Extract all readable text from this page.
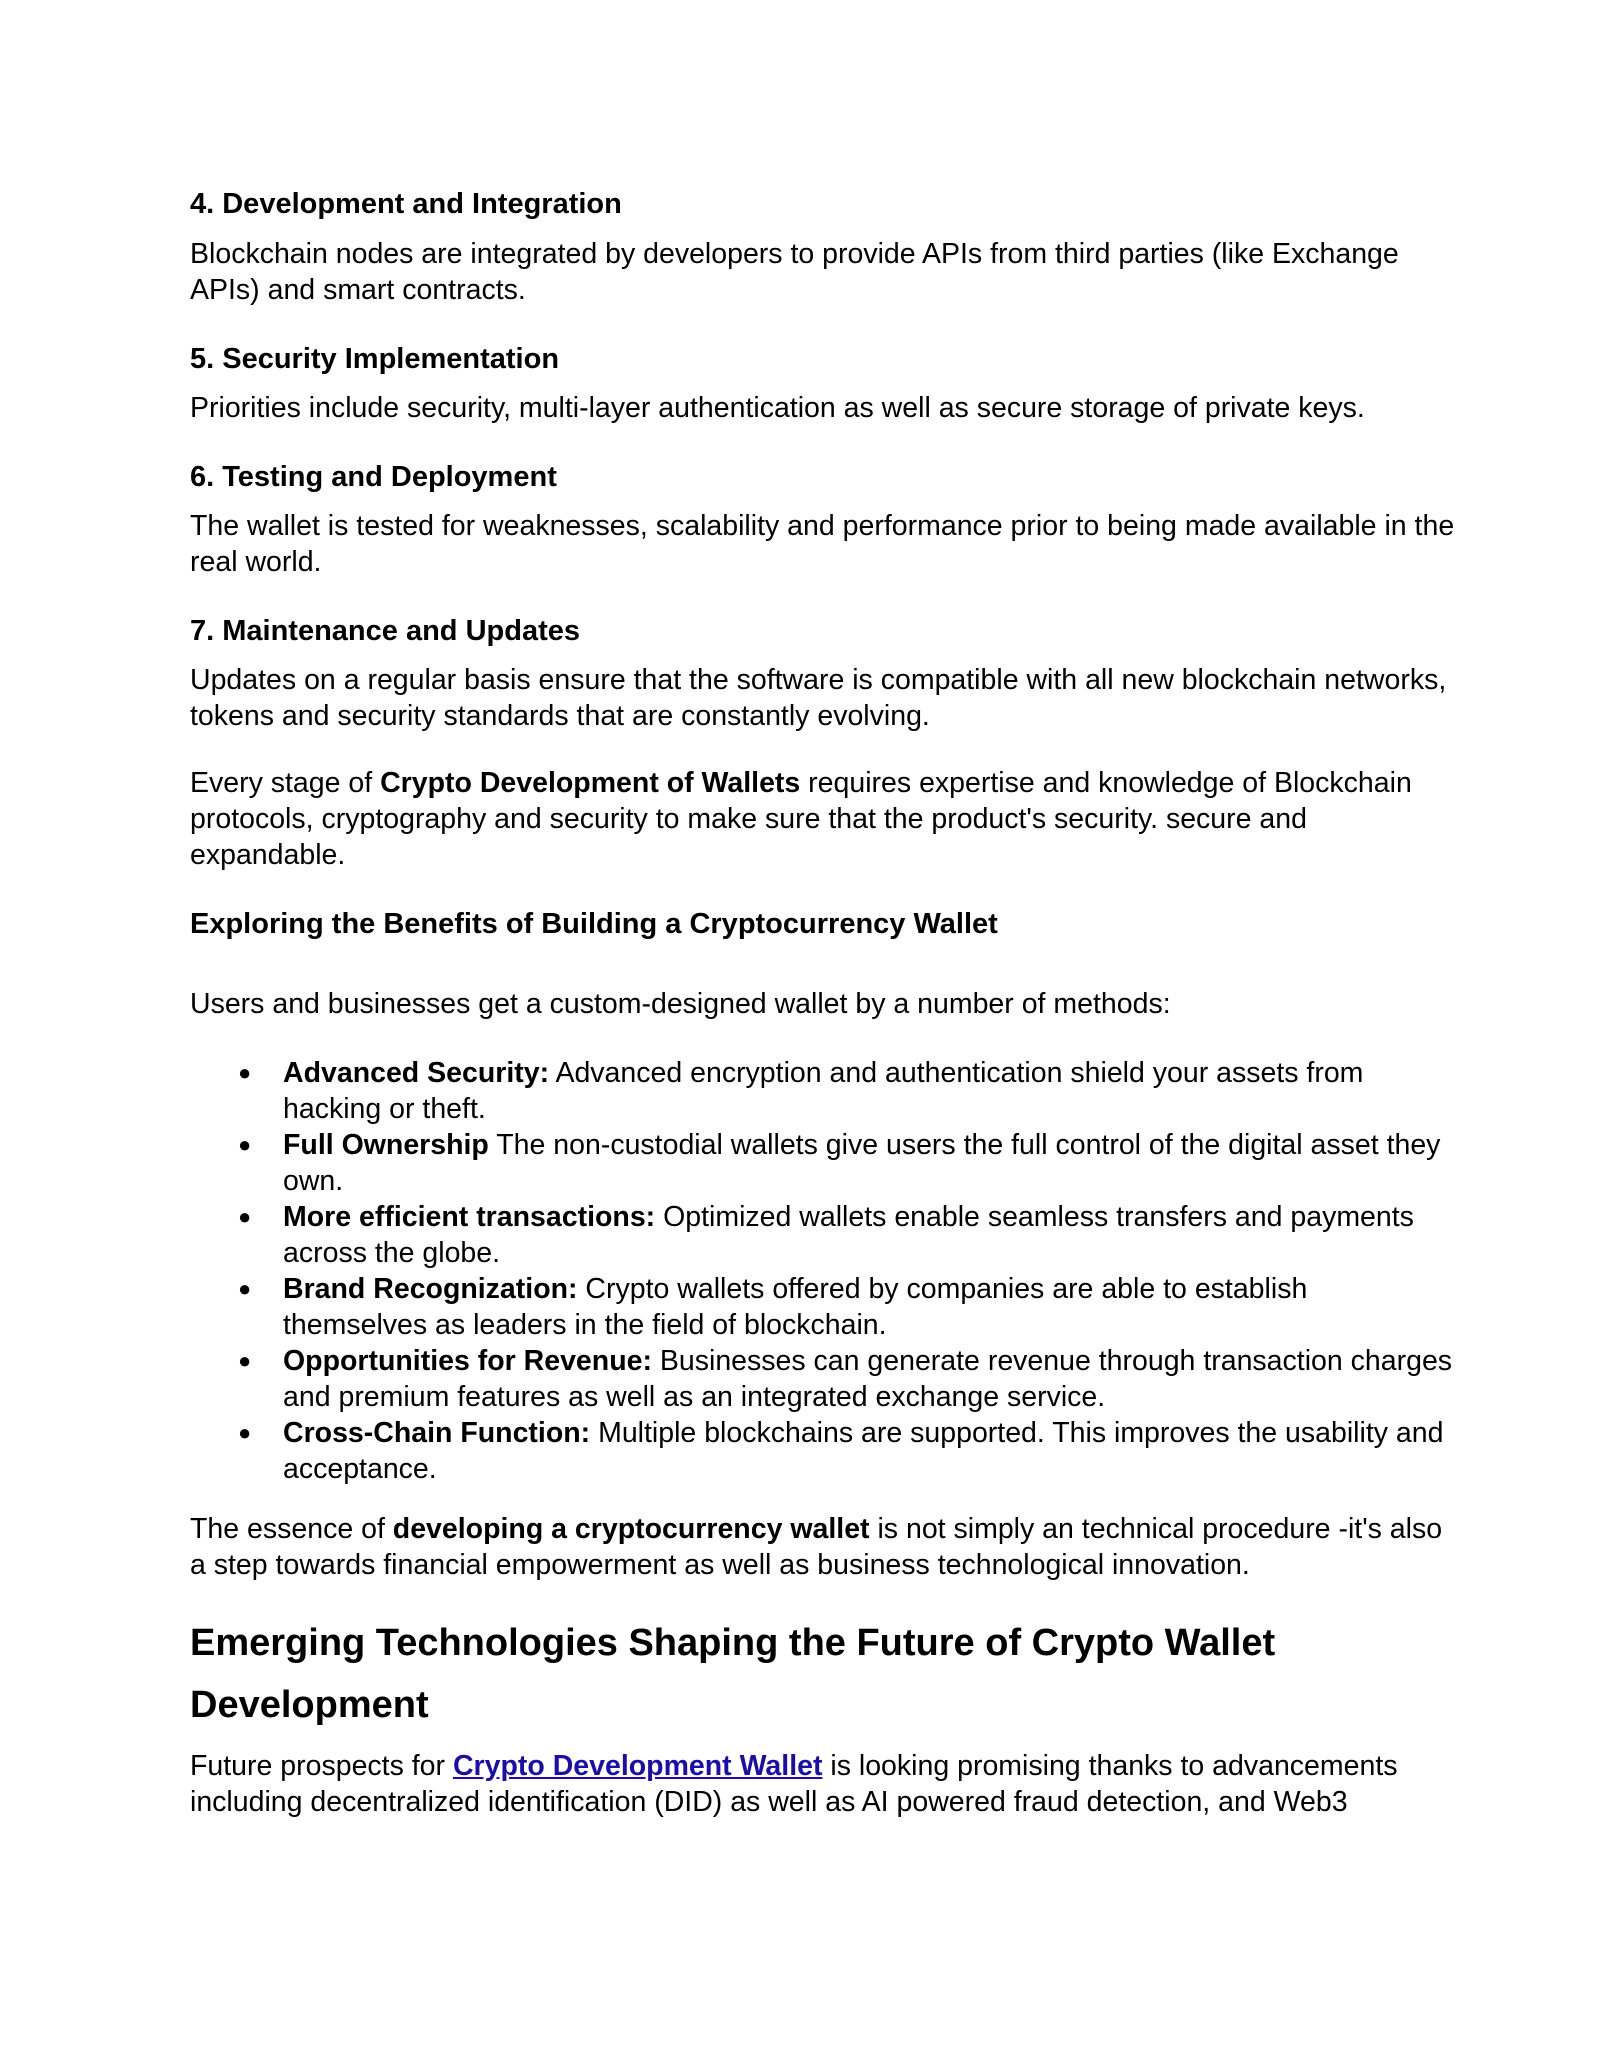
4. Development and Integration
Blockchain nodes are integrated by developers to provide APIs from third parties (like Exchange
APIs) and smart contracts.
5. Security Implementation
Priorities include security, multi-layer authentication as well as secure storage of private keys.
6. Testing and Deployment
The wallet is tested for weaknesses, scalability and performance prior to being made available in the
real world.
7. Maintenance and Updates
Updates on a regular basis ensure that the software is compatible with all new blockchain networks,
tokens and security standards that are constantly evolving.
Every stage of Crypto Development of Wallets requires expertise and knowledge of Blockchain
protocols, cryptography and security to make sure that the product's security. secure and
expandable.
Exploring the Benefits of Building a Cryptocurrency Wallet
Users and businesses get a custom-designed wallet by a number of methods:
● Advanced Security: Advanced encryption and authentication shield your assets from
hacking or theft.
● Full Ownership The non-custodial wallets give users the full control of the digital asset they
own.
● More efficient transactions: Optimized wallets enable seamless transfers and payments
across the globe.
● Brand Recognization: Crypto wallets offered by companies are able to establish
themselves as leaders in the field of blockchain.
● Opportunities for Revenue: Businesses can generate revenue through transaction charges
and premium features as well as an integrated exchange service.
● Cross-Chain Function: Multiple blockchains are supported. This improves the usability and
acceptance.
The essence of developing a cryptocurrency wallet is not simply an technical procedure -it's also
a step towards financial empowerment as well as business technological innovation.
Emerging Technologies Shaping the Future of Crypto Wallet
Development
Future prospects for Crypto Development Wallet is looking promising thanks to advancements
including decentralized identification (DID) as well as AI powered fraud detection, and Web3
